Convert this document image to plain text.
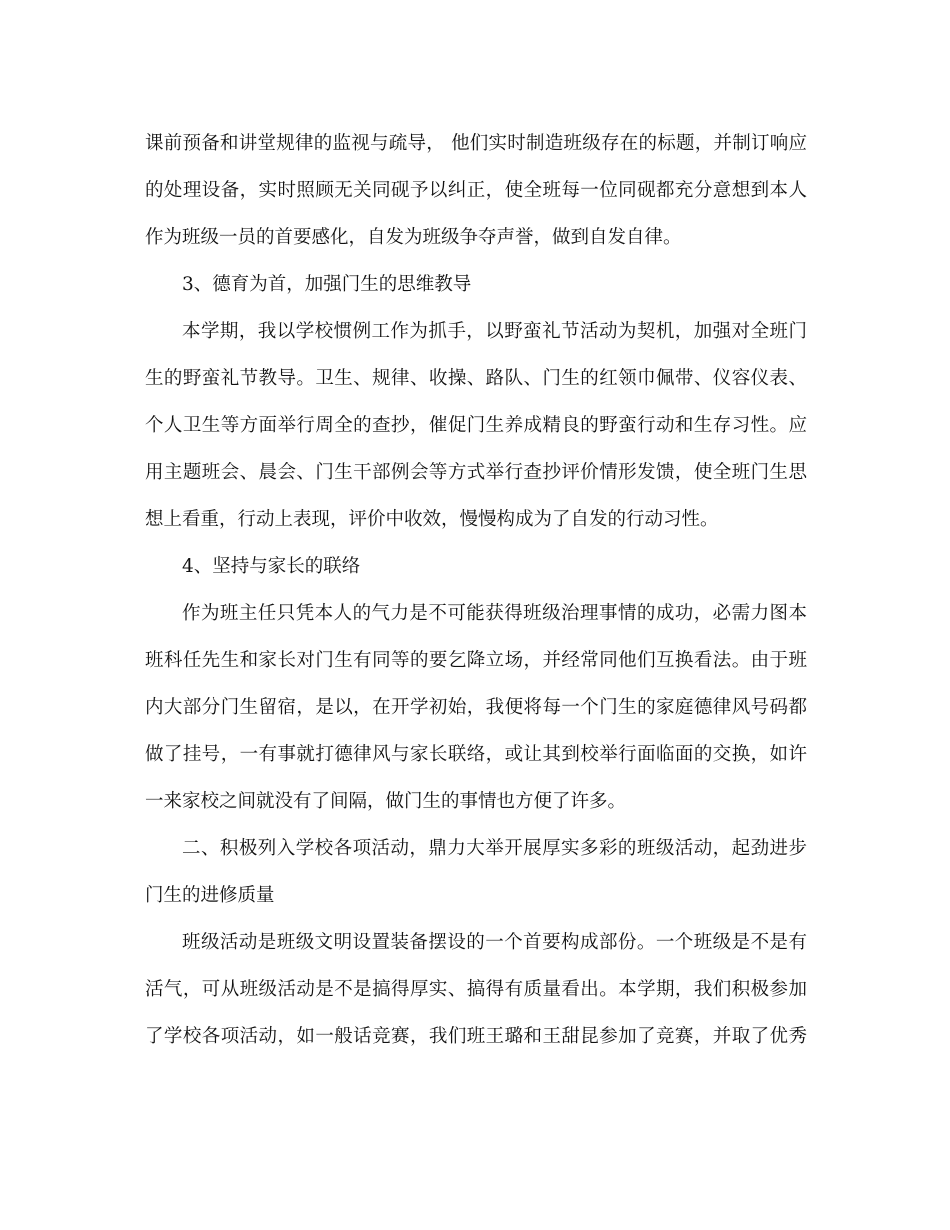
课前预备和讲堂规律的监视与疏导， 他们实时制造班级存在的标题，并制订响应
的处理设备，实时照顾无关同砚予以纠正，使全班每一位同砚都充分意想到本人
作为班级一员的首要感化，自发为班级争夺声誉，做到自发自律。
3、德育为首，加强门生的思维教导
本学期，我以学校惯例工作为抓手，以野蛮礼节活动为契机，加强对全班门
生的野蛮礼节教导。卫生、规律、收操、路队、门生的红领巾佩带、仪容仪表、
个人卫生等方面举行周全的查抄，催促门生养成精良的野蛮行动和生存习性。应
用主题班会、晨会、门生干部例会等方式举行查抄评价情形发馈，使全班门生思
想上看重，行动上表现，评价中收效，慢慢构成为了自发的行动习性。
4、坚持与家长的联络
作为班主任只凭本人的气力是不可能获得班级治理事情的成功，必需力图本
班科任先生和家长对门生有同等的要乞降立场，并经常同他们互换看法。由于班
内大部分门生留宿，是以，在开学初始，我便将每一个门生的家庭德律风号码都
做了挂号，一有事就打德律风与家长联络，或让其到校举行面临面的交换，如许
一来家校之间就没有了间隔，做门生的事情也方便了许多。
二、积极列入学校各项活动，鼎力大举开展厚实多彩的班级活动，起劲进步
门生的进修质量
班级活动是班级文明设置装备摆设的一个首要构成部份。一个班级是不是有
活气，可从班级活动是不是搞得厚实、搞得有质量看出。本学期，我们积极参加
了学校各项活动，如一般话竞赛，我们班王璐和王甜昆参加了竞赛，并取了优秀
